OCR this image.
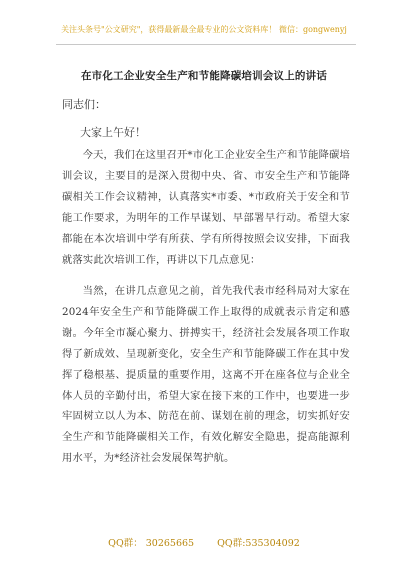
关注头条号"公文研究"，获得最新最全最专业的公文资料库！ 微信：gongwenyj
在市化工企业安全生产和节能降碳培训会议上的讲话
同志们：
大家上午好！
今天，我们在这里召开*市化工企业安全生产和节能降碳培训会议，主要目的是深入贯彻中央、省、市安全生产和节能降碳相关工作会议精神，认真落实*市委、*市政府关于安全和节能工作要求，为明年的工作早谋划、早部署早行动。希望大家都能在本次培训中学有所获、学有所得按照会议安排，下面我就落实此次培训工作，再讲以下几点意见：
当然，在讲几点意见之前，首先我代表市经科局对大家在2024年安全生产和节能降碳工作上取得的成就表示肯定和感谢。今年全市凝心聚力、拼搏实干，经济社会发展各项工作取得了新成效、呈现新变化，安全生产和节能降碳工作在其中发挥了稳根基、提质量的重要作用，这离不开在座各位与企业全体人员的辛勤付出，希望大家在接下来的工作中，也要进一步牢固树立以人为本、防范在前、谋划在前的理念，切实抓好安全生产和节能降碳相关工作，有效化解安全隐患，提高能源利用水平，为*经济社会发展保驾护航。
QQ群： 30265665 QQ群:535304092
